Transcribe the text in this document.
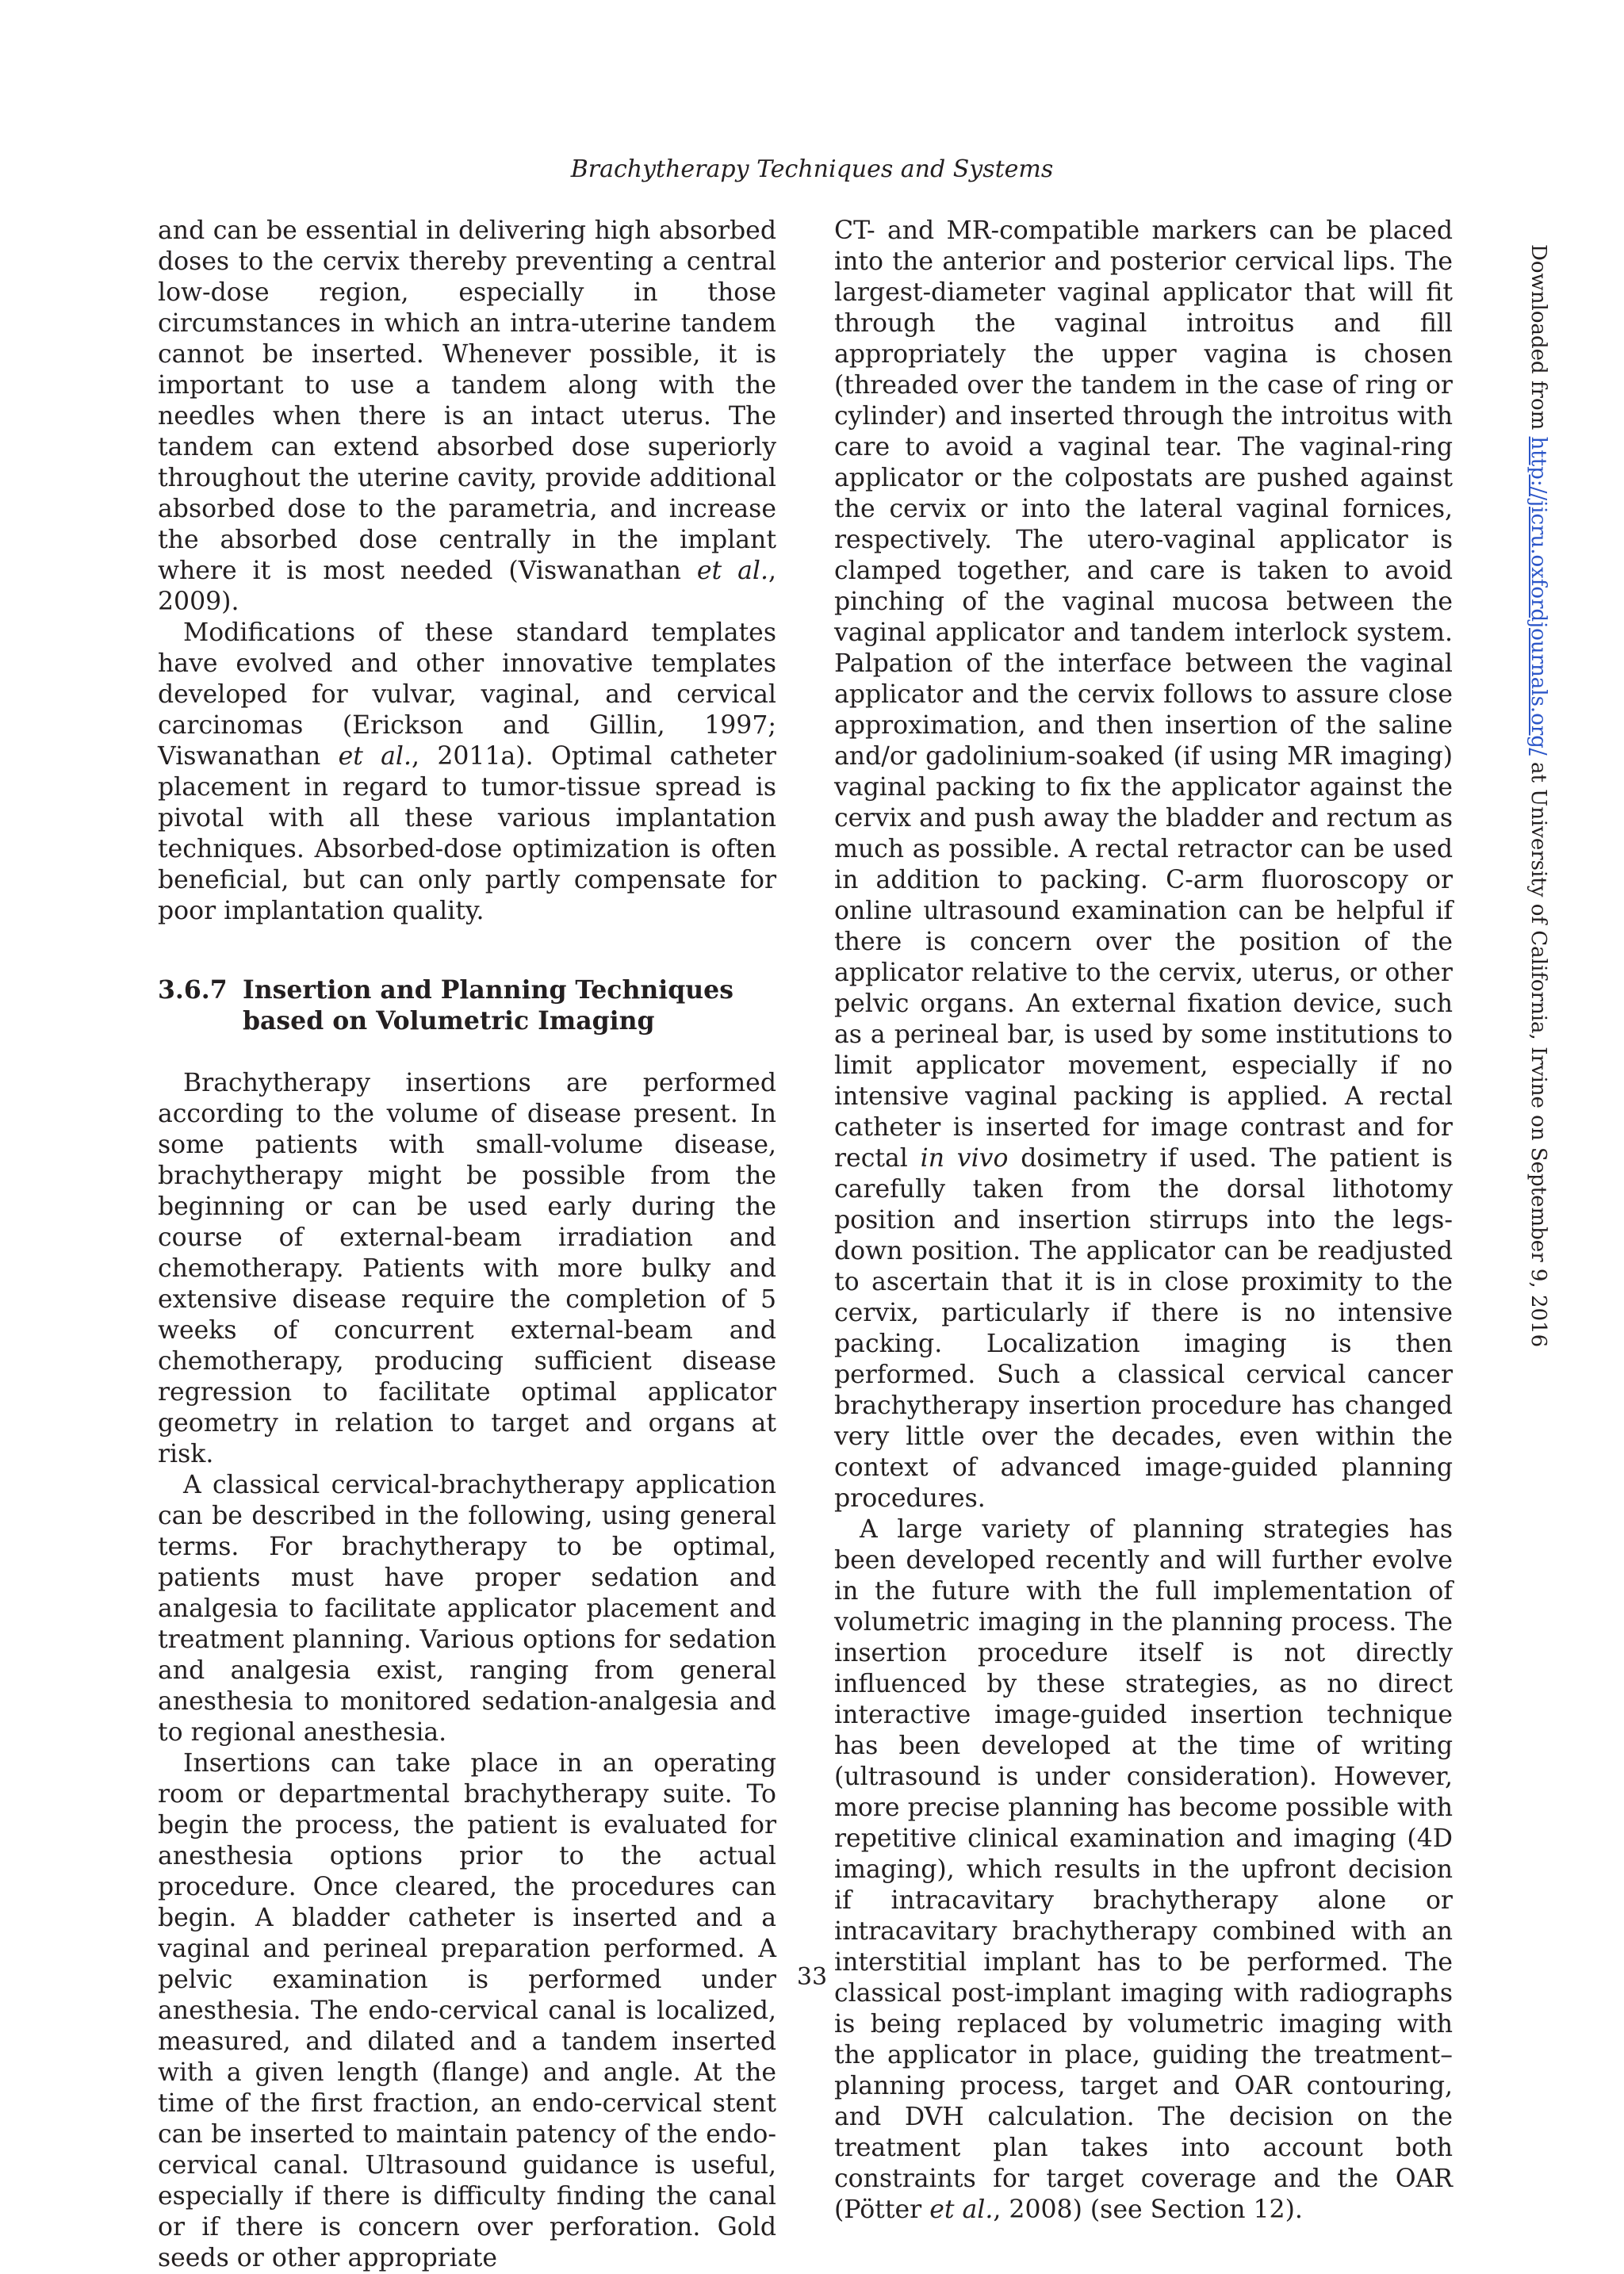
Brachytherapy Techniques and Systems

and can be essential in delivering high absorbed doses to the cervix thereby preventing a central low-dose region, especially in those circumstances in which an intra-uterine tandem cannot be inserted. Whenever possible, it is important to use a tandem along with the needles when there is an intact uterus. The tandem can extend absorbed dose superiorly throughout the uterine cavity, provide additional absorbed dose to the parametria, and increase the absorbed dose centrally in the implant where it is most needed (Viswanathan et al., 2009).

Modifications of these standard templates have evolved and other innovative templates developed for vulvar, vaginal, and cervical carcinomas (Erickson and Gillin, 1997; Viswanathan et al., 2011a). Optimal catheter placement in regard to tumor-tissue spread is pivotal with all these various implantation techniques. Absorbed-dose optimization is often beneficial, but can only partly compensate for poor implantation quality.

3.6.7 Insertion and Planning Techniques based on Volumetric Imaging

Brachytherapy insertions are performed according to the volume of disease present. In some patients with small-volume disease, brachytherapy might be possible from the beginning or can be used early during the course of external-beam irradiation and chemotherapy. Patients with more bulky and extensive disease require the completion of 5 weeks of concurrent external-beam and chemotherapy, producing sufficient disease regression to facilitate optimal applicator geometry in relation to target and organs at risk.

A classical cervical-brachytherapy application can be described in the following, using general terms. For brachytherapy to be optimal, patients must have proper sedation and analgesia to facilitate applicator placement and treatment planning. Various options for sedation and analgesia exist, ranging from general anesthesia to monitored sedation-analgesia and to regional anesthesia.

Insertions can take place in an operating room or departmental brachytherapy suite. To begin the process, the patient is evaluated for anesthesia options prior to the actual procedure. Once cleared, the procedures can begin. A bladder catheter is inserted and a vaginal and perineal preparation performed. A pelvic examination is performed under anesthesia. The endo-cervical canal is localized, measured, and dilated and a tandem inserted with a given length (flange) and angle. At the time of the first fraction, an endo-cervical stent can be inserted to maintain patency of the endo-cervical canal. Ultrasound guidance is useful, especially if there is difficulty finding the canal or if there is concern over perforation. Gold seeds or other appropriate

CT- and MR-compatible markers can be placed into the anterior and posterior cervical lips. The largest-diameter vaginal applicator that will fit through the vaginal introitus and fill appropriately the upper vagina is chosen (threaded over the tandem in the case of ring or cylinder) and inserted through the introitus with care to avoid a vaginal tear. The vaginal-ring applicator or the colpostats are pushed against the cervix or into the lateral vaginal fornices, respectively. The utero-vaginal applicator is clamped together, and care is taken to avoid pinching of the vaginal mucosa between the vaginal applicator and tandem interlock system. Palpation of the interface between the vaginal applicator and the cervix follows to assure close approximation, and then insertion of the saline and/or gadolinium-soaked (if using MR imaging) vaginal packing to fix the applicator against the cervix and push away the bladder and rectum as much as possible. A rectal retractor can be used in addition to packing. C-arm fluoroscopy or online ultrasound examination can be helpful if there is concern over the position of the applicator relative to the cervix, uterus, or other pelvic organs. An external fixation device, such as a perineal bar, is used by some institutions to limit applicator movement, especially if no intensive vaginal packing is applied. A rectal catheter is inserted for image contrast and for rectal in vivo dosimetry if used. The patient is carefully taken from the dorsal lithotomy position and insertion stirrups into the legs-down position. The applicator can be readjusted to ascertain that it is in close proximity to the cervix, particularly if there is no intensive packing. Localization imaging is then performed. Such a classical cervical cancer brachytherapy insertion procedure has changed very little over the decades, even within the context of advanced image-guided planning procedures.

A large variety of planning strategies has been developed recently and will further evolve in the future with the full implementation of volumetric imaging in the planning process. The insertion procedure itself is not directly influenced by these strategies, as no direct interactive image-guided insertion technique has been developed at the time of writing (ultrasound is under consideration). However, more precise planning has become possible with repetitive clinical examination and imaging (4D imaging), which results in the upfront decision if intracavitary brachytherapy alone or intracavitary brachytherapy combined with an interstitial implant has to be performed. The classical post-implant imaging with radiographs is being replaced by volumetric imaging with the applicator in place, guiding the treatment–planning process, target and OAR contouring, and DVH calculation. The decision on the treatment plan takes into account both constraints for target coverage and the OAR (Pötter et al., 2008) (see Section 12).

33
Downloaded from http://jicru.oxfordjournals.org/ at University of California, Irvine on September 9, 2016
